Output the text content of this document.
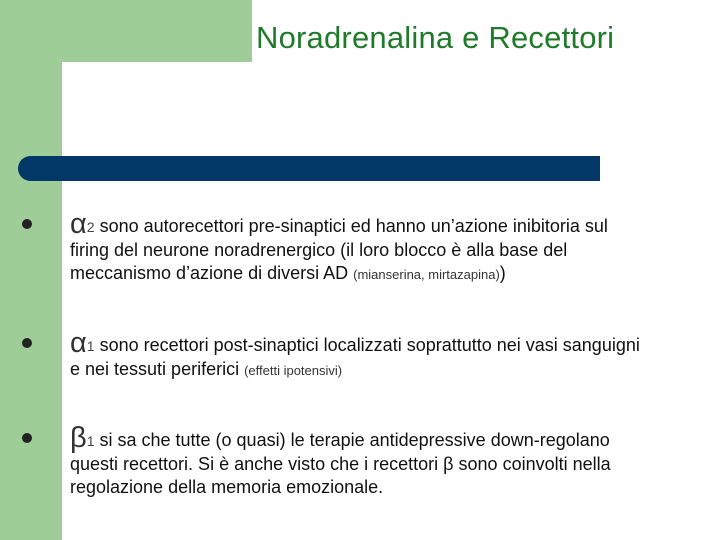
Noradrenalina e Recettori
α2 sono autorecettori pre-sinaptici ed hanno un’azione inibitoria sul
firing del neurone noradrenergico (il loro blocco è alla base del
meccanismo d’azione di diversi AD (mianserina, mirtazapina))
α1 sono recettori post-sinaptici localizzati soprattutto nei vasi sanguigni
e nei tessuti periferici (effetti ipotensivi)
β1 si sa che tutte (o quasi) le terapie antidepressive down-regolano
questi recettori. Si è anche visto che i recettori β sono coinvolti nella
regolazione della memoria emozionale.
